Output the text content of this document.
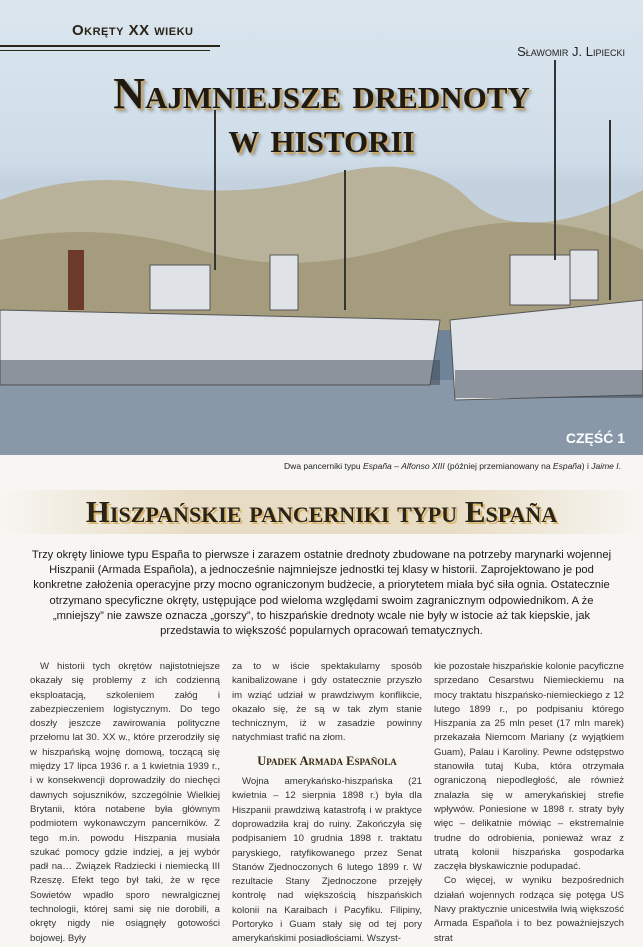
Okręty XX wieku
Sławomir J. Lipiecki
Najmniejsze drednoty
w historii
CZĘŚĆ 1
Dwa pancerniki typu España – Alfonso XIII (później przemianowany na España) i Jaime I.
Hiszpańskie pancerniki typu España
Trzy okręty liniowe typu España to pierwsze i zarazem ostatnie drednoty zbudowane na potrzeby marynarki wojennej Hiszpanii (Armada Española), a jednocześnie najmniejsze jednostki tej klasy w historii. Zaprojektowano je pod konkretne założenia operacyjne przy mocno ograniczonym budżecie, a priorytetem miała być siła ognia. Ostatecznie otrzymano specyficzne okręty, ustępujące pod wieloma względami swoim zagranicznym odpowiednikom. A że „mniejszy” nie zawsze oznacza „gorszy”, to hiszpańskie drednoty wcale nie były w istocie aż tak kiepskie, jak przedstawia to większość popularnych opracowań tematycznych.

W historii tych okrętów najistotniejsze okazały się problemy z ich codzienną eksploatacją, szkoleniem załóg i zabezpieczeniem logistycznym. Do tego doszły jeszcze zawirowania polityczne przełomu lat 30. XX w., które przerodziły się w hiszpańską wojnę domową, toczącą się między 17 lipca 1936 r. a 1 kwietnia 1939 r., i w konsekwencji doprowadziły do niechęci dawnych sojuszników, szczególnie Wielkiej Brytanii, która notabene była głównym podmiotem wykonawczym pancerników. Z tego m.in. powodu Hiszpania musiała szukać pomocy gdzie indziej, a jej wybór padł na… Związek Radziecki i niemiecką III Rzeszę. Efekt tego był taki, że w ręce Sowietów wpadło sporo newralgicznej technologii, której sami się nie dorobili, a okręty nigdy nie osiągnęły gotowości bojowej. Były

za to w iście spektakularny sposób kanibalizowane i gdy ostatecznie przyszło im wziąć udział w prawdziwym konflikcie, okazało się, że są w tak złym stanie technicznym, iż w zasadzie powinny natychmiast trafić na złom.

Upadek Armada Española

Wojna amerykańsko-hiszpańska (21 kwietnia – 12 sierpnia 1898 r.) była dla Hiszpanii prawdziwą katastrofą i w praktyce doprowadziła kraj do ruiny. Zakończyła się podpisaniem 10 grudnia 1898 r. traktatu paryskiego, ratyfikowanego przez Senat Stanów Zjednoczonych 6 lutego 1899 r. W rezultacie Stany Zjednoczone przejęły kontrolę nad większością hiszpańskich kolonii na Karaibach i Pacyfiku. Filipiny, Portoryko i Guam stały się od tej pory amerykańskimi posiadłościami. Wszyst-

kie pozostałe hiszpańskie kolonie pacyficzne sprzedano Cesarstwu Niemieckiemu na mocy traktatu hiszpańsko-niemieckiego z 12 lutego 1899 r., po podpisaniu którego Hiszpania za 25 mln peset (17 mln marek) przekazała Niemcom Mariany (z wyjątkiem Guam), Palau i Karoliny. Pewne odstępstwo stanowiła tutaj Kuba, która otrzymała ograniczoną niepodległość, ale również znalazła się w amerykańskiej strefie wpływów. Poniesione w 1898 r. straty były więc – delikatnie mówiąc – ekstremalnie trudne do odrobienia, ponieważ wraz z utratą kolonii hiszpańska gospodarka zaczęła błyskawicznie podupadać.

Co więcej, w wyniku bezpośrednich działań wojennych rodząca się potęga US Navy praktycznie unicestwiła lwią większość Armada Española i to bez poważniejszych strat
